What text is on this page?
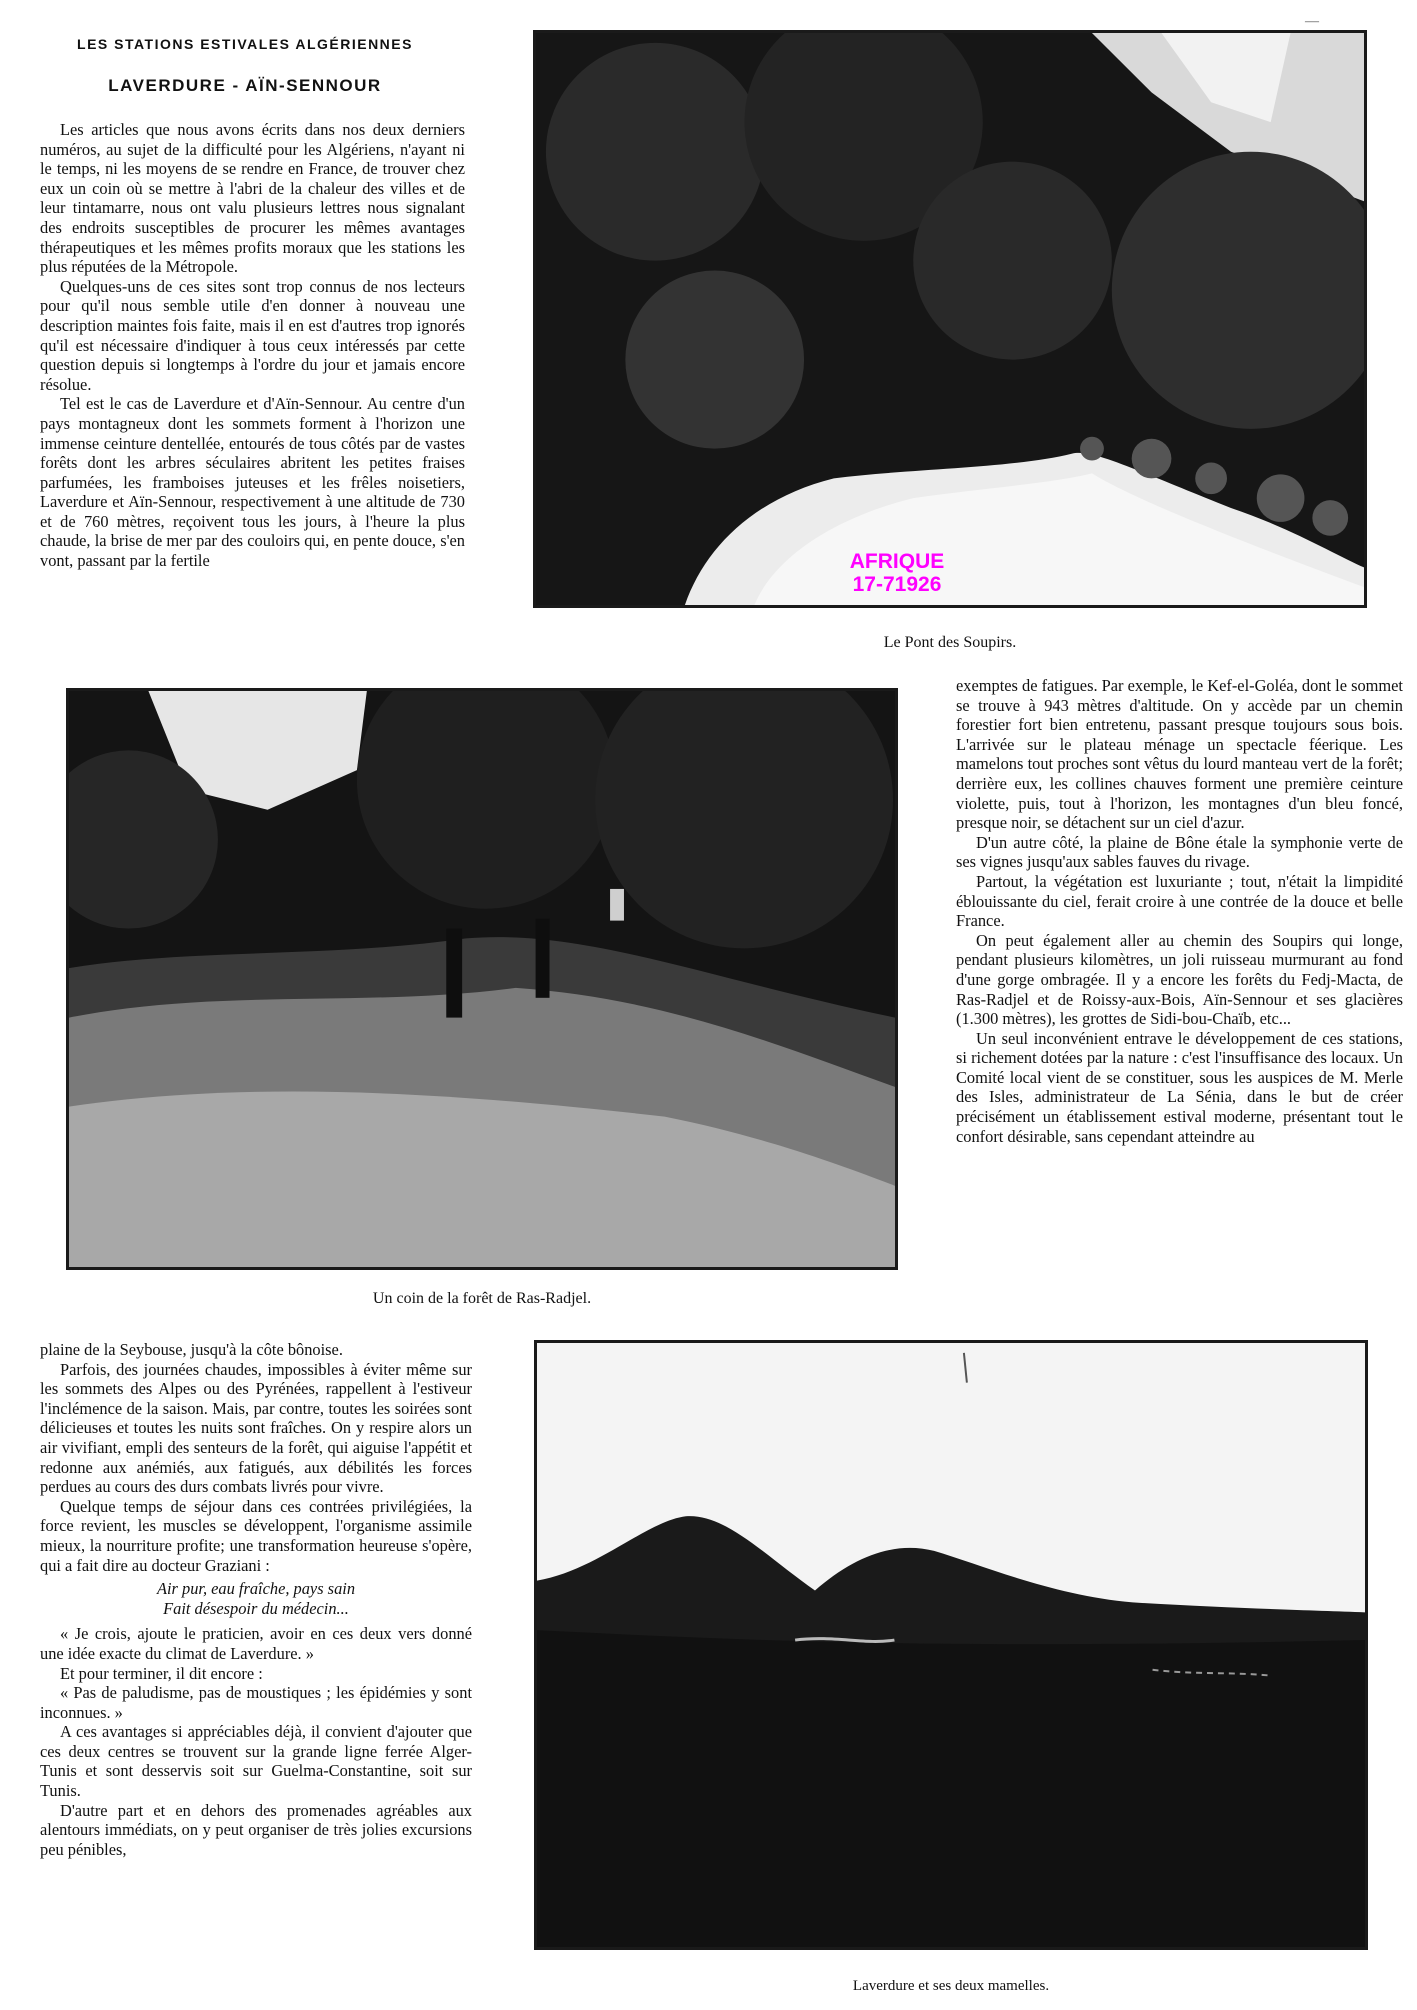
—
LES STATIONS ESTIVALES ALGÉRIENNES
LAVERDURE - AÏN-SENNOUR

Les articles que nous avons écrits dans nos deux derniers numéros, au sujet de la difficulté pour les Algériens, n'ayant ni le temps, ni les moyens de se rendre en France, de trouver chez eux un coin où se mettre à l'abri de la chaleur des villes et de leur tintamarre, nous ont valu plusieurs lettres nous signalant des endroits susceptibles de procurer les mêmes avantages thérapeutiques et les mêmes profits moraux que les stations les plus réputées de la Métropole.

Quelques-uns de ces sites sont trop connus de nos lecteurs pour qu'il nous semble utile d'en donner à nouveau une description maintes fois faite, mais il en est d'autres trop ignorés qu'il est nécessaire d'indiquer à tous ceux intéressés par cette question depuis si longtemps à l'ordre du jour et jamais encore résolue.

Tel est le cas de Laverdure et d'Aïn-Sennour. Au centre d'un pays montagneux dont les sommets forment à l'horizon une immense ceinture dentellée, entourés de tous côtés par de vastes forêts dont les arbres séculaires abritent les petites fraises parfumées, les framboises juteuses et les frêles noisetiers, Laverdure et Aïn-Sennour, respectivement à une altitude de 730 et de 760 mètres, reçoivent tous les jours, à l'heure la plus chaude, la brise de mer par des couloirs qui, en pente douce, s'en vont, passant par la fertile	AFRIQUE
17-71926
Le Pont des Soupirs.
Un coin de la forêt de Ras-Radjel.

exemptes de fatigues. Par exemple, le Kef-el-Goléa, dont le sommet se trouve à 943 mètres d'altitude. On y accède par un chemin forestier fort bien entretenu, passant presque toujours sous bois. L'arrivée sur le plateau ménage un spectacle féerique. Les mamelons tout proches sont vêtus du lourd manteau vert de la forêt; derrière eux, les collines chauves forment une première ceinture violette, puis, tout à l'horizon, les montagnes d'un bleu foncé, presque noir, se détachent sur un ciel d'azur.

D'un autre côté, la plaine de Bône étale la symphonie verte de ses vignes jusqu'aux sables fauves du rivage.

Partout, la végétation est luxuriante ; tout, n'était la limpidité éblouissante du ciel, ferait croire à une contrée de la douce et belle France.

On peut également aller au chemin des Soupirs qui longe, pendant plusieurs kilomètres, un joli ruisseau murmurant au fond d'une gorge ombragée. Il y a encore les forêts du Fedj-Macta, de Ras-Radjel et de Roissy-aux-Bois, Aïn-Sennour et ses glacières (1.300 mètres), les grottes de Sidi-bou-Chaïb, etc...

Un seul inconvénient entrave le développement de ces stations, si richement dotées par la nature : c'est l'insuffisance des locaux. Un Comité local vient de se constituer, sous les auspices de M. Merle des Isles, administrateur de La Sénia, dans le but de créer précisément un établissement estival moderne, présentant tout le confort désirable, sans cependant atteindre au

plaine de la Seybouse, jusqu'à la côte bônoise.

Parfois, des journées chaudes, impossibles à éviter même sur les sommets des Alpes ou des Pyrénées, rappellent à l'estiveur l'inclémence de la saison. Mais, par contre, toutes les soirées sont délicieuses et toutes les nuits sont fraîches. On y respire alors un air vivifiant, empli des senteurs de la forêt, qui aiguise l'appétit et redonne aux anémiés, aux fatigués, aux débilités les forces perdues au cours des durs combats livrés pour vivre.

Quelque temps de séjour dans ces contrées privilégiées, la force revient, les muscles se développent, l'organisme assimile mieux, la nourriture profite; une transformation heureuse s'opère, qui a fait dire au docteur Graziani :

Air pur, eau fraîche, pays sain
Fait désespoir du médecin...

« Je crois, ajoute le praticien, avoir en ces deux vers donné une idée exacte du climat de Laverdure. »

Et pour terminer, il dit encore :

« Pas de paludisme, pas de moustiques ; les épidémies y sont inconnues. »

A ces avantages si appréciables déjà, il convient d'ajouter que ces deux centres se trouvent sur la grande ligne ferrée Alger-Tunis et sont desservis soit sur Guelma-Constantine, soit sur Tunis.

D'autre part et en dehors des promenades agréables aux alentours immédiats, on y peut organiser de très jolies excursions peu pénibles,

Laverdure et ses deux mamelles.
